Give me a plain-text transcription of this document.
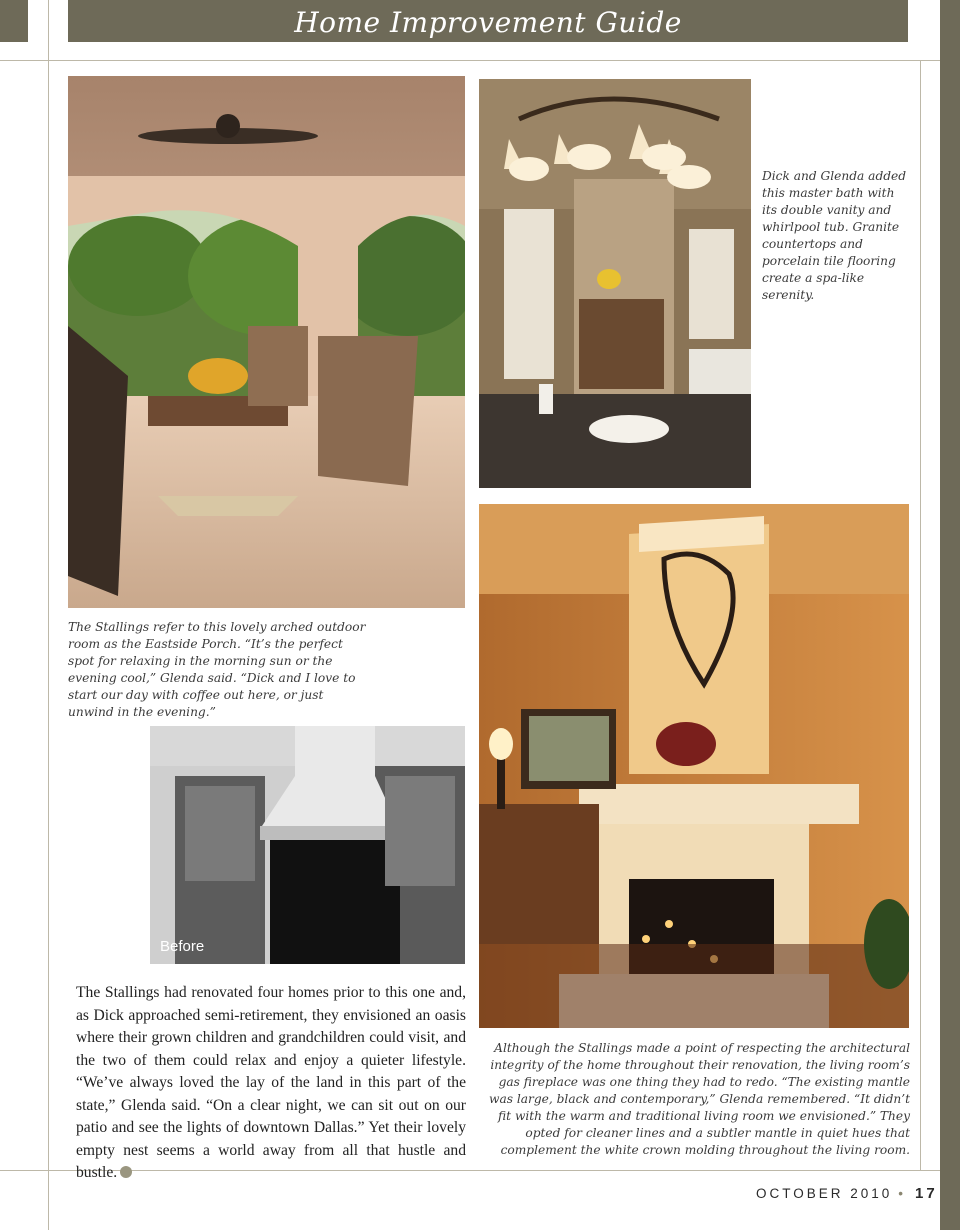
Home Improvement Guide
Before
Dick and Glenda added this master bath with its double vanity and whirlpool tub. Granite countertops and porcelain tile flooring create a spa-like serenity.
The Stallings refer to this lovely arched outdoor room as the Eastside Porch. “It’s the perfect spot for relaxing in the morning sun or the evening cool,” Glenda said. “Dick and I love to start our day with coffee out here, or just unwind in the evening.”
Although the Stallings made a point of respecting the architectural integrity of the home throughout their renovation, the living room’s gas fireplace was one thing they had to redo. “The existing mantle was large, black and contemporary,” Glenda remembered. “It didn’t fit with the warm and traditional living room we envisioned.” They opted for cleaner lines and a subtler mantle in quiet hues that complement the white crown molding throughout the living room.
The Stallings had renovated four homes prior to this one and, as Dick approached semi-retirement, they envisioned an oasis where their grown children and grandchildren could visit, and the two of them could relax and enjoy a quieter lifestyle. “We’ve always loved the lay of the land in this part of the state,” Glenda said. “On a clear night, we can sit out on our patio and see the lights of downtown Dallas.” Yet their lovely empty nest seems a world away from all that hustle and bustle.
OCTOBER 2010 • 17
